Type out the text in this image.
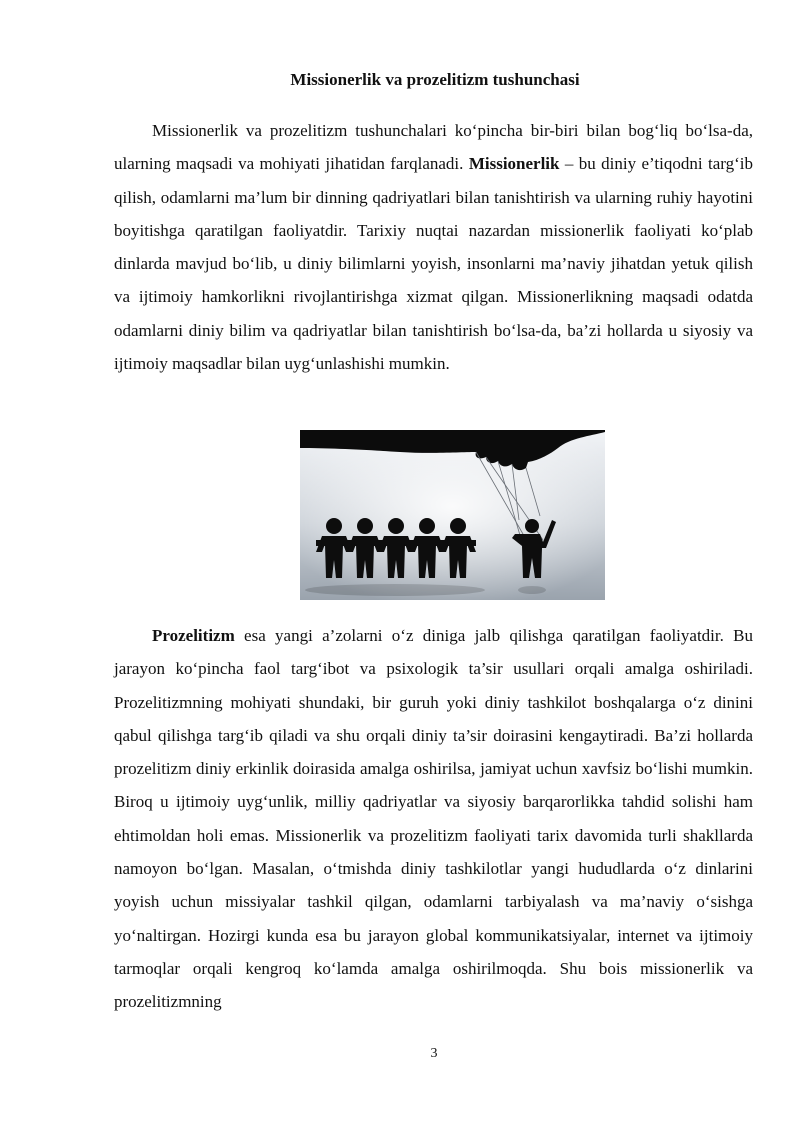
Missionerlik va prozelitizm tushunchasi

Missionerlik va prozelitizm tushunchalari ko‘pincha bir-biri bilan bog‘liq bo‘lsa-da, ularning maqsadi va mohiyati jihatidan farqlanadi. Missionerlik – bu diniy e’tiqodni targ‘ib qilish, odamlarni ma’lum bir dinning qadriyatlari bilan tanishtirish va ularning ruhiy hayotini boyitishga qaratilgan faoliyatdir. Tarixiy nuqtai nazardan missionerlik faoliyati ko‘plab dinlarda mavjud bo‘lib, u diniy bilimlarni yoyish, insonlarni ma’naviy jihatdan yetuk qilish va ijtimoiy hamkorlikni rivojlantirishga xizmat qilgan. Missionerlikning maqsadi odatda odamlarni diniy bilim va qadriyatlar bilan tanishtirish bo‘lsa-da, ba’zi hollarda u siyosiy va ijtimoiy maqsadlar bilan uyg‘unlashishi mumkin.

Prozelitizm esa yangi a’zolarni o‘z diniga jalb qilishga qaratilgan faoliyatdir. Bu jarayon ko‘pincha faol targ‘ibot va psixologik ta’sir usullari orqali amalga oshiriladi. Prozelitizmning mohiyati shundaki, bir guruh yoki diniy tashkilot boshqalarga o‘z dinini qabul qilishga targ‘ib qiladi va shu orqali diniy ta’sir doirasini kengaytiradi. Ba’zi hollarda prozelitizm diniy erkinlik doirasida amalga oshirilsa, jamiyat uchun xavfsiz bo‘lishi mumkin. Biroq u ijtimoiy uyg‘unlik, milliy qadriyatlar va siyosiy barqarorlikka tahdid solishi ham ehtimoldan holi emas. Missionerlik va prozelitizm faoliyati tarix davomida turli shakllarda namoyon bo‘lgan. Masalan, o‘tmishda diniy tashkilotlar yangi hududlarda o‘z dinlarini yoyish uchun missiyalar tashkil qilgan, odamlarni tarbiyalash va ma’naviy o‘sishga yo‘naltirgan. Hozirgi kunda esa bu jarayon global kommunikatsiyalar, internet va ijtimoiy tarmoqlar orqali kengroq ko‘lamda amalga oshirilmoqda. Shu bois missionerlik va prozelitizmning

3
